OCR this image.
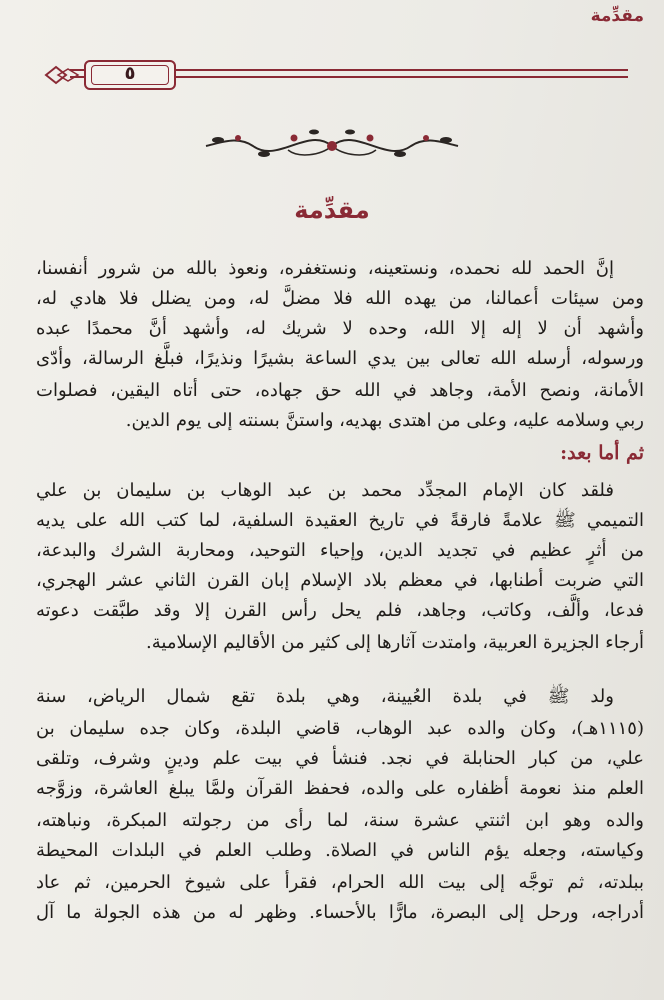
مقدِّمة
٥
مقدِّمة
إنَّ الحمد لله نحمده، ونستعينه، ونستغفره، ونعوذ بالله من شرور أنفسنا،
ومن سيئات أعمالنا، من يهده الله فلا مضلَّ له، ومن يضلل فلا هادي له،
وأشهد أن لا إله إلا الله، وحده لا شريك له، وأشهد أنَّ محمدًا عبده
ورسوله، أرسله الله تعالى بين يدي الساعة بشيرًا ونذيرًا، فبلَّغ الرسالة، وأدّى
الأمانة، ونصح الأمة، وجاهد في الله حق جهاده، حتى أتاه اليقين، فصلوات
ربي وسلامه عليه، وعلى من اهتدى بهديه، واستنَّ بسنته إلى يوم الدين.
ثم أما بعد:
فلقد كان الإمام المجدِّد محمد بن عبد الوهاب بن سليمان بن علي
التميمي ﷺ علامةً فارقةً في تاريخ العقيدة السلفية، لما كتب الله على يديه
من أثرٍ عظيم في تجديد الدين، وإحياء التوحيد، ومحاربة الشرك والبدعة،
التي ضربت أطنابها، في معظم بلاد الإسلام إبان القرن الثاني عشر الهجري،
فدعا، وألَّف، وكاتب، وجاهد، فلم يحل رأس القرن إلا وقد طبَّقت دعوته
أرجاء الجزيرة العربية، وامتدت آثارها إلى كثير من الأقاليم الإسلامية.
ولد ﷺ في بلدة العُيينة، وهي بلدة تقع شمال الرياض، سنة
(١١١٥هـ)، وكان والده عبد الوهاب، قاضي البلدة، وكان جده سليمان بن
علي، من كبار الحنابلة في نجد. فنشأ في بيت علم ودينٍ وشرف، وتلقى
العلم منذ نعومة أظفاره على والده، فحفظ القرآن ولمَّا يبلغ العاشرة، وزوَّجه
والده وهو ابن اثنتي عشرة سنة، لما رأى من رجولته المبكرة، ونباهته،
وكياسته، وجعله يؤم الناس في الصلاة. وطلب العلم في البلدات المحيطة
ببلدته، ثم توجَّه إلى بيت الله الحرام، فقرأ على شيوخ الحرمين، ثم عاد
أدراجه، ورحل إلى البصرة، مارًّا بالأحساء. وظهر له من هذه الجولة ما آل
